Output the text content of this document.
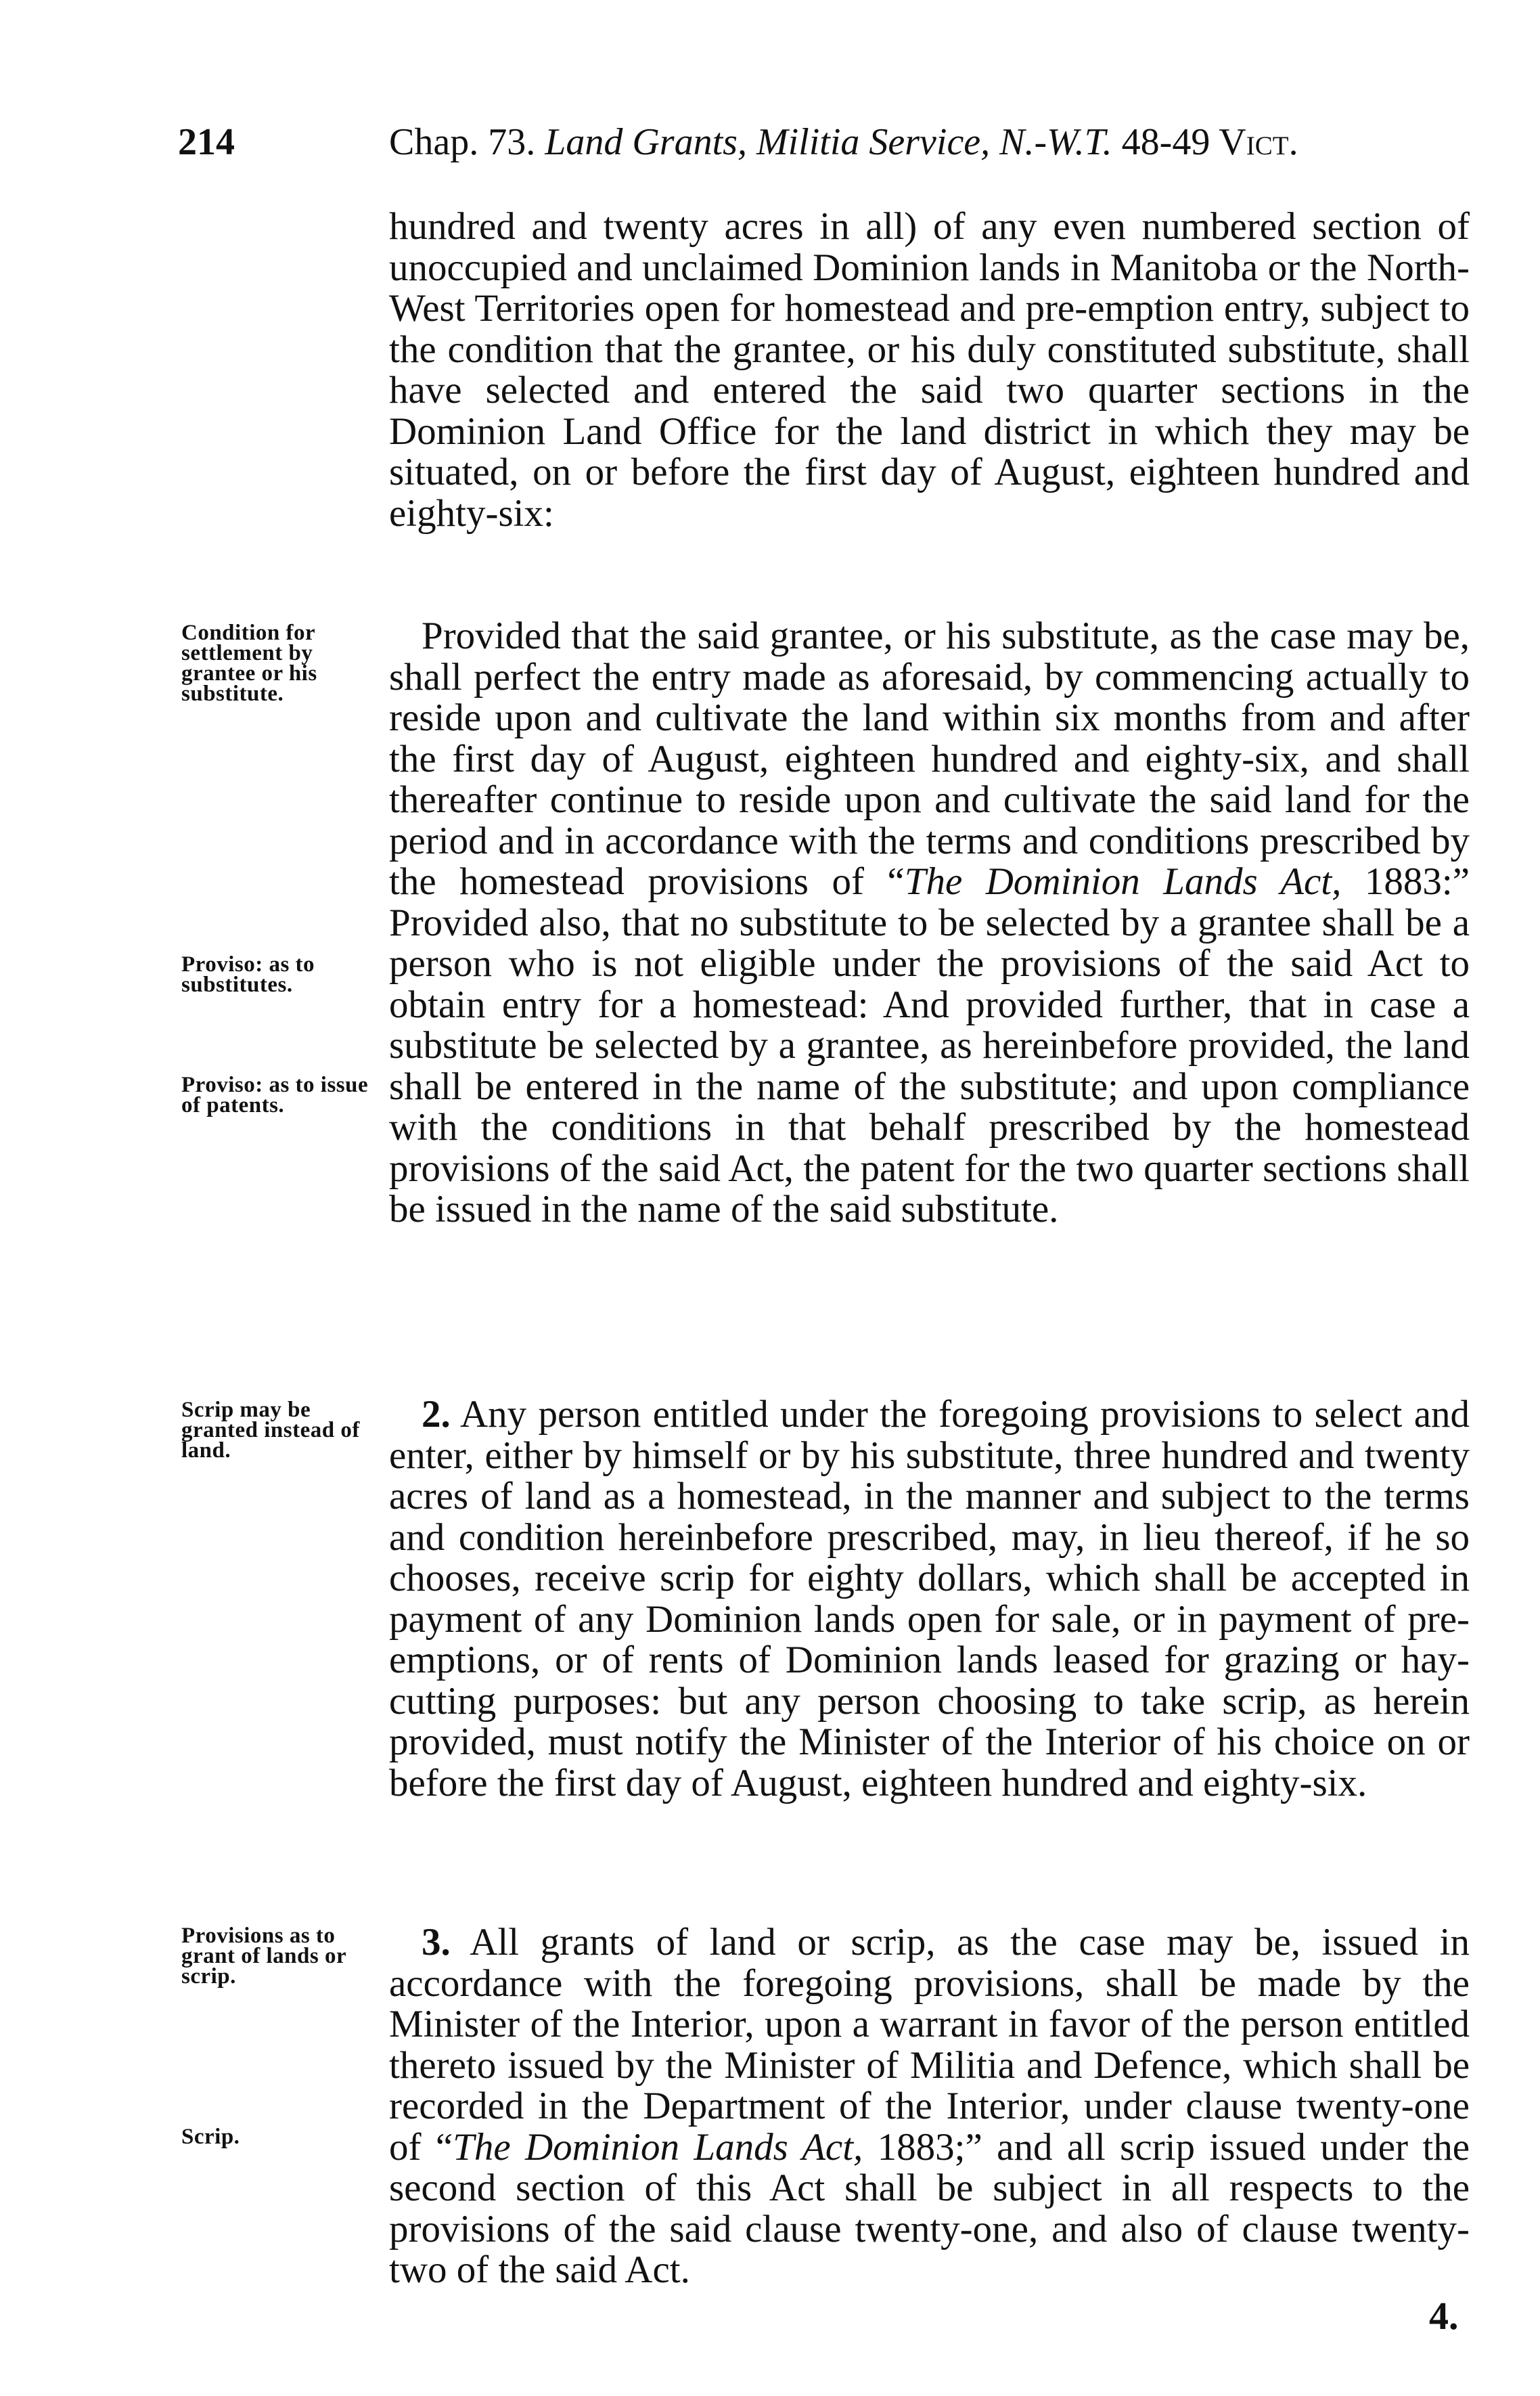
214	Chap. 73. Land Grants, Militia Service, N.-W.T. 48-49 Vict.

hundred and twenty acres in all) of any even numbered section of unoccupied and unclaimed Dominion lands in Manitoba or the North-West Territories open for homestead and pre-emption entry, subject to the condition that the grantee, or his duly constituted substitute, shall have selected and entered the said two quarter sections in the Dominion Land Office for the land district in which they may be situated, on or before the first day of August, eighteen hundred and eighty-six:

Condition for settlement by grantee or his substitute.

Provided that the said grantee, or his substitute, as the case may be, shall perfect the entry made as aforesaid, by commencing actually to reside upon and cultivate the land within six months from and after the first day of August, eighteen hundred and eighty-six, and shall thereafter continue to reside upon and cultivate the said land for the period and in accordance with the terms and conditions prescribed by the homestead provisions of “The Dominion Lands Act, 1883:” Provided also, that no substitute to be selected by a grantee shall be a person who is not eligible under the provisions of the said Act to obtain entry for a homestead: And provided further, that in case a substitute be selected by a grantee, as hereinbefore provided, the land shall be entered in the name of the substitute; and upon compliance with the conditions in that behalf prescribed by the homestead provisions of the said Act, the patent for the two quarter sections shall be issued in the name of the said substitute.

Proviso: as to substitutes.

Proviso: as to issue of patents.

Scrip may be granted instead of land.

2. Any person entitled under the foregoing provisions to select and enter, either by himself or by his substitute, three hundred and twenty acres of land as a homestead, in the manner and subject to the terms and condition hereinbefore prescribed, may, in lieu thereof, if he so chooses, receive scrip for eighty dollars, which shall be accepted in payment of any Dominion lands open for sale, or in payment of pre-emptions, or of rents of Dominion lands leased for grazing or hay-cutting purposes: but any person choosing to take scrip, as herein provided, must notify the Minister of the Interior of his choice on or before the first day of August, eighteen hundred and eighty-six.

Provisions as to grant of lands or scrip.

Scrip.

3. All grants of land or scrip, as the case may be, issued in accordance with the foregoing provisions, shall be made by the Minister of the Interior, upon a warrant in favor of the person entitled thereto issued by the Minister of Militia and Defence, which shall be recorded in the Department of the Interior, under clause twenty-one of “The Dominion Lands Act, 1883;” and all scrip issued under the second section of this Act shall be subject in all respects to the provisions of the said clause twenty-one, and also of clause twenty-two of the said Act.

4.
